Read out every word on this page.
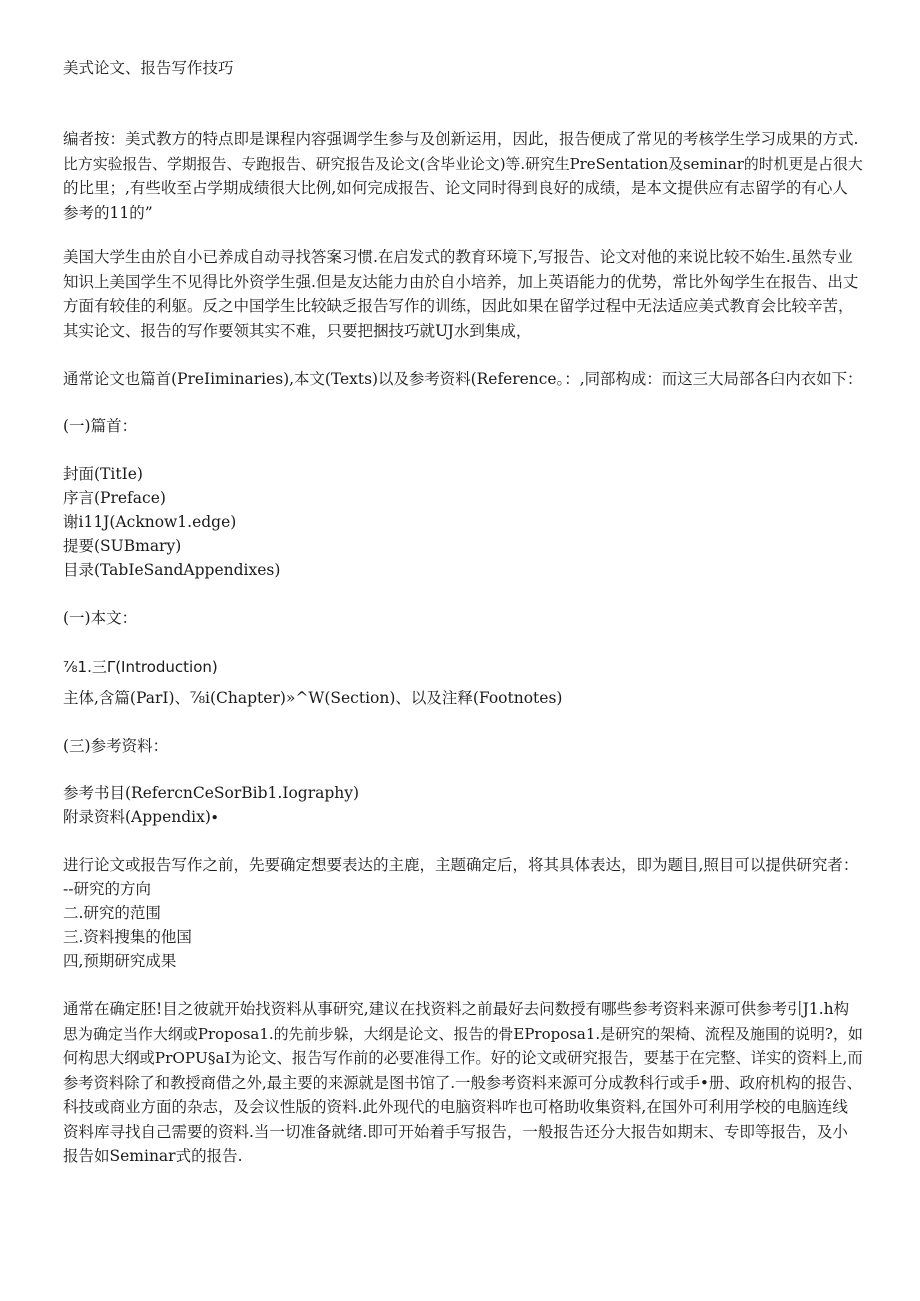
美式论文、报告写作技巧
编者按：美式教方的特点即是课程内容强调学生参与及创新运用，因此，报告便成了常见的考核学生学习成果的方式.
比方实验报告、学期报告、专跑报告、研究报告及论文(含毕业论文)等.研究生PreSentation及seminar的时机更是占很大
的比里；,有些收至占学期成绩很大比例,如何完成报告、论文同时得到良好的成绩，是本文提供应有志留学的有心人
参考的11的”
美国大学生由於自小已养成自动寻找答案习惯.在启发式的教育环境下,写报告、论文对他的来说比较不始生.虽然专业
知识上美国学生不见得比外资学生强.但是友达能力由於自小培养，加上英语能力的优势，常比外匈学生在报告、出丈
方面有较佳的利躯。反之中国学生比较缺乏报告写作的训练，因此如果在留学过程中无法适应美式教育会比较辛苦，
其实论文、报告的写作要领其实不难，只要把捆技巧就UJ水到集成，
通常论文也篇首(PreIiminaries),本文(Texts)以及参考资料(Reference。：,同部构成：而这三大局部各臼内衣如下：
(一)篇首：
封面(TitIe)
序言(Preface)
谢i11J(Acknow1.edge)
提要(SUBmary)
目录(TabIeSandAppendixes)
(一)本文：
⅞1.三Γ(Introduction)
主体,含篇(ParI)、⅞i(Chapter)»^W(Section)、以及注释(Footnotes)
(三)参考资料：
参考书目(RefercnCeSorBib1.Iography)
附录资料(Appendix)∙
进行论文或报告写作之前，先要确定想要表达的主鹿，主题确定后，将其具体表达，即为题目,照目可以提供研究者：
--研究的方向
二.研究的范围
三.资料搜集的他国
四,预期研究成果
通常在确定胚!目之彼就开始找资料从事研究,建议在找资料之前最好去问数授有哪些参考资料来源可供参考引J1.h构
思为确定当作大纲或Proposa1.的先前步躲，大纲是论文、报告的骨EProposa1.是研究的架椅、流程及施围的说明?，如
何构思大纲或PrOPU§aI为论文、报告写作前的必要准得工作。好的论文或研究报告，要基于在完整、详实的资料上,而
参考资料除了和教授商借之外,最主要的来源就是图书馆了.一般参考资料来源可分成教科行或手•册、政府机构的报告、
科技或商业方面的杂志，及会议性版的资料.此外现代的电脑资料咋也可格助收集资料,在国外可利用学校的电脑连线
资料库寻找自己需要的资料.当一切准备就绪.即可开始着手写报告，一般报告还分大报告如期末、专即等报告，及小
报告如Seminar式的报告.
